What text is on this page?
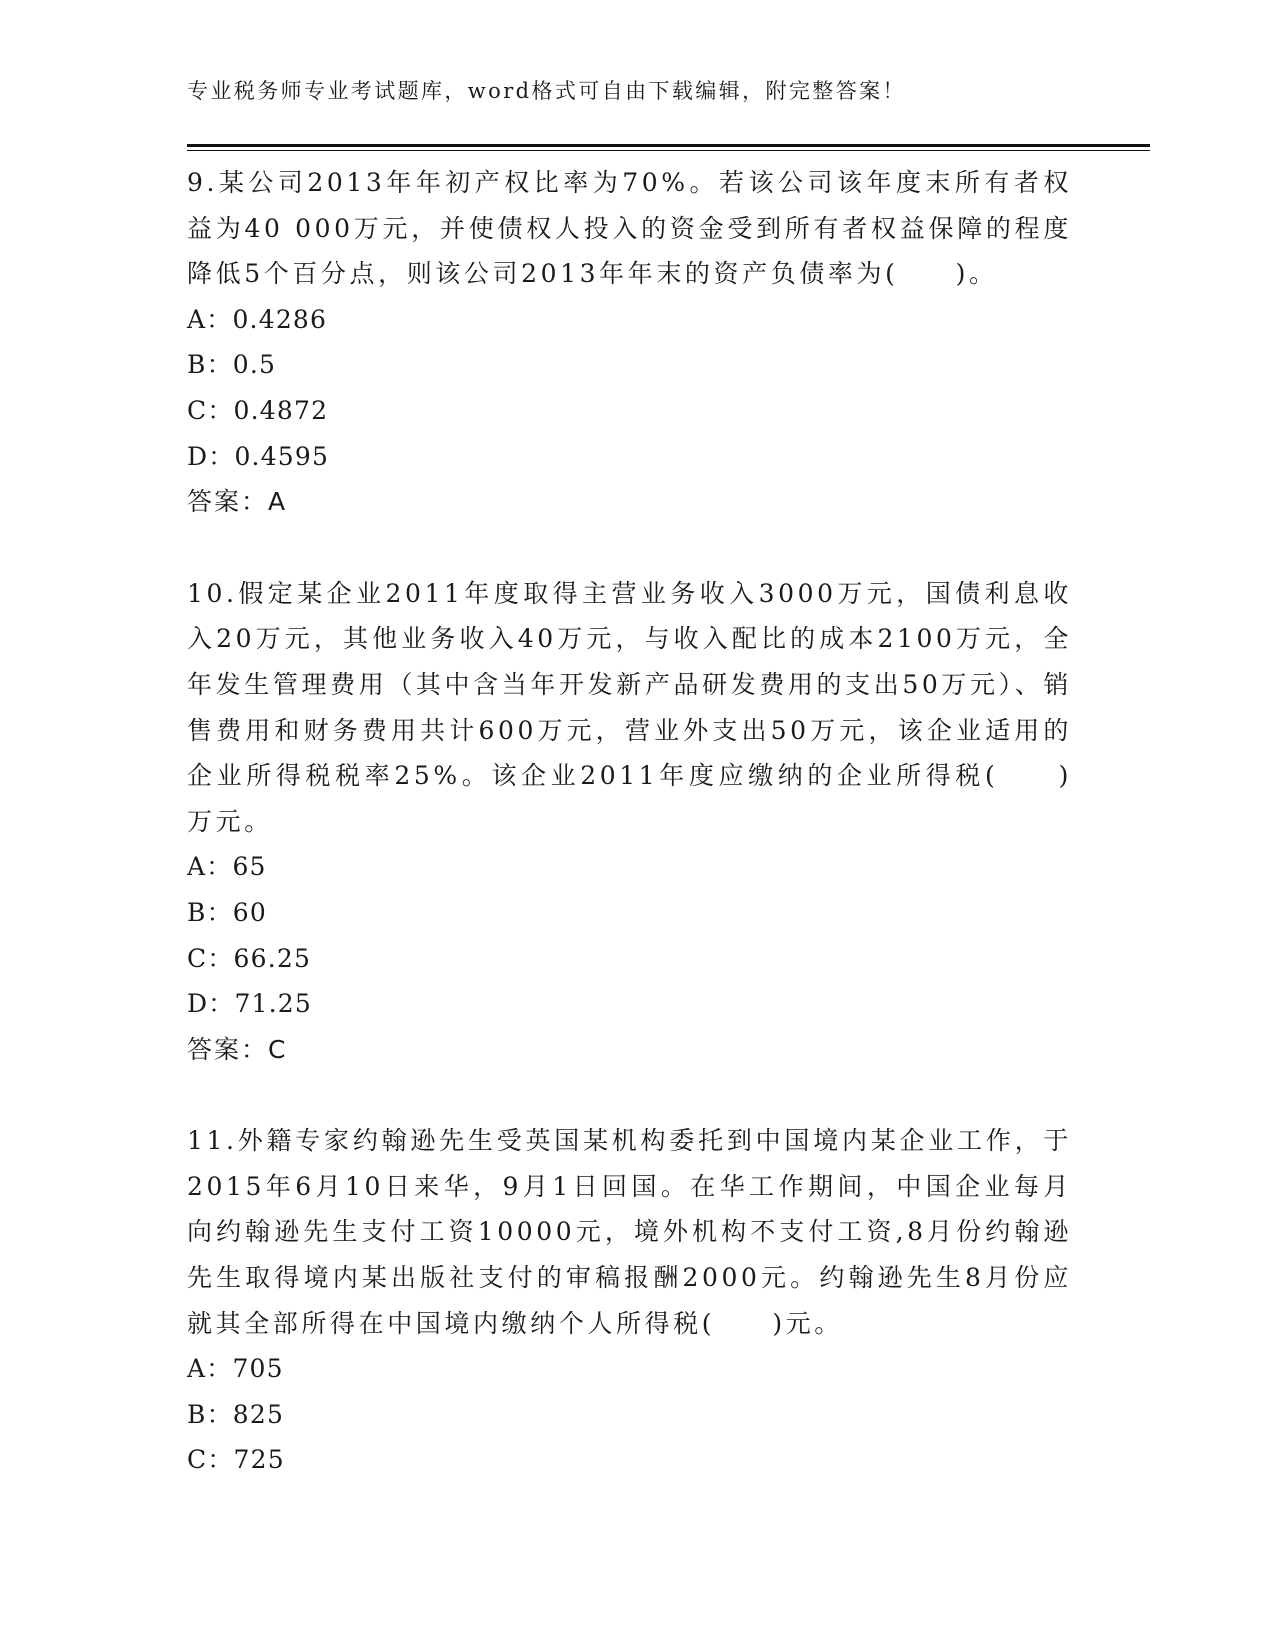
专业税务师专业考试题库，word格式可自由下载编辑，附完整答案！

9.某公司2013年年初产权比率为70%。若该公司该年度末所有者权益为40 000万元，并使债权人投入的资金受到所有者权益保障的程度降低5个百分点，则该公司2013年年末的资产负债率为(　　)。

A：0.4286

B：0.5

C：0.4872

D：0.4595

答案：A

10.假定某企业2011年度取得主营业务收入3000万元，国债利息收入20万元，其他业务收入40万元，与收入配比的成本2100万元，全年发生管理费用（其中含当年开发新产品研发费用的支出50万元）、销售费用和财务费用共计600万元，营业外支出50万元，该企业适用的企业所得税税率25%。该企业2011年度应缴纳的企业所得税(　　)万元。

A：65

B：60

C：66.25

D：71.25

答案：C

11.外籍专家约翰逊先生受英国某机构委托到中国境内某企业工作，于2015年6月10日来华，9月1日回国。在华工作期间，中国企业每月向约翰逊先生支付工资10000元，境外机构不支付工资,8月份约翰逊先生取得境内某出版社支付的审稿报酬2000元。约翰逊先生8月份应就其全部所得在中国境内缴纳个人所得税(　　)元。

A：705

B：825

C：725
